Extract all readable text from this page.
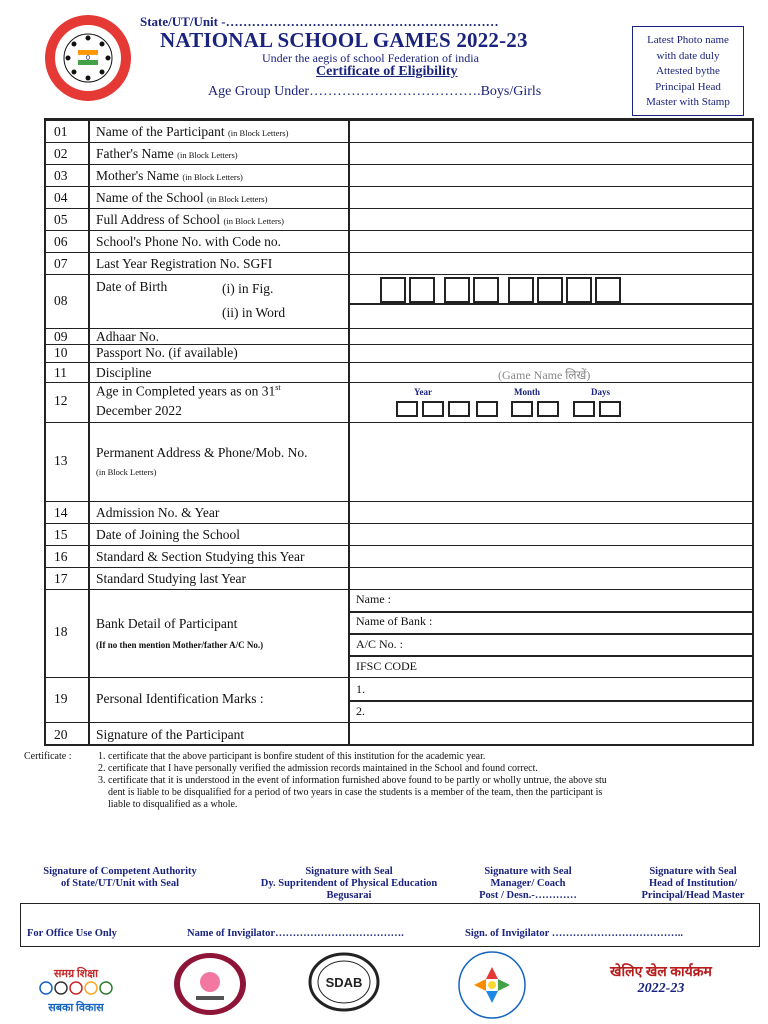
State/UT/Unit -………………………………………………………
NATIONAL SCHOOL GAMES 2022-23
Under the aegis of school Federation of india
Certificate of Eligibility
Age Group Under……………………………….Boys/Girls
Latest Photo name
with date duly
Attested bythe
Principal Head
Master with Stamp
01 Name of the Participant (in Block Letters)
02 Father's Name (in Block Letters)
03 Mother's Name (in Block Letters)
04 Name of the School (in Block Letters)
05 Full Address of School (in Block Letters)
06 School's Phone No. with Code no.
07 Last Year Registration No. SGFI
08
Date of Birth	(i) in Fig.
(ii) in Word
09 Adhaar No.
10 Passport No. (if available)
11 Discipline	(Game Name लिखें)
12
Age in Completed years as on 31st
December 2022
Year	Month	Days
13
Permanent Address & Phone/Mob. No.
(in Block Letters)
14 Admission No. & Year
15 Date of Joining the School
16 Standard & Section Studying this Year
17 Standard Studying last Year
18
Bank Detail of Participant
(If no then mention Mother/father A/C No.)
Name :
Name of Bank :
A/C No. :
IFSC CODE
19 Personal Identification Marks :
1.
2.
20 Signature of the Participant
Certificate :	1. certificate that the above participant is bonfire student of this institution for the academic year.
2. certificate that I have personally verified the admission records maintained in the School and found correct.
3. certificate that it is understood in the event of information furnished above found to be partly or wholly untrue, the above stu
dent is liable to be disqualified for a period of two years in case the students is a member of the team, then the participant is
liable to disqualified as a whole.
Signature of Competent Authority
of State/UT/Unit with Seal
Signature with Seal
Dy. Supritendent of Physical Education
Begusarai
Signature with Seal
Manager/ Coach
Post / Desn.-…………
Signature with Seal
Head of Institution/
Principal/Head Master
For Office Use Only	Name of Invigilator……………………………….	Sign. of Invigilator ………………………………..
समग्र शिक्षा
सबका विकास
SDAB
खेलिए खेल कार्यक्रम
2022-23
